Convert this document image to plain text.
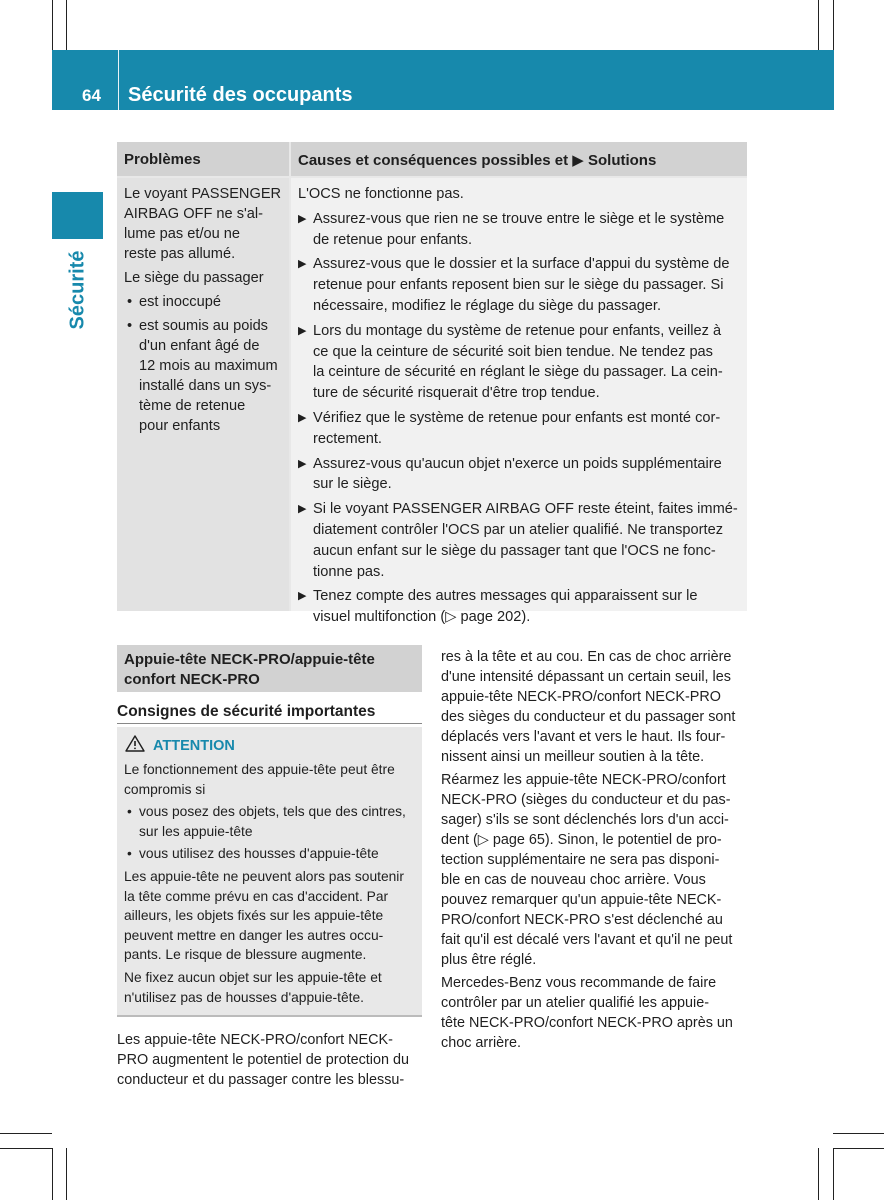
64 Sécurité des occupants
Sécurité
Problèmes	Causes et conséquences possibles et ▶ Solutions

Le voyant PASSENGER
AIRBAG OFF ne s'al-
lume pas et/ou ne
reste pas allumé.

Le siège du passager

• est inoccupé
• est soumis au poids
d'un enfant âgé de
12 mois au maximum
installé dans un sys-
tème de retenue
pour enfants

L'OCS ne fonctionne pas.

▶ Assurez-vous que rien ne se trouve entre le siège et le système
de retenue pour enfants.
▶ Assurez-vous que le dossier et la surface d'appui du système de
retenue pour enfants reposent bien sur le siège du passager. Si
nécessaire, modifiez le réglage du siège du passager.
▶ Lors du montage du système de retenue pour enfants, veillez à
ce que la ceinture de sécurité soit bien tendue. Ne tendez pas
la ceinture de sécurité en réglant le siège du passager. La cein-
ture de sécurité risquerait d'être trop tendue.
▶ Vérifiez que le système de retenue pour enfants est monté cor-
rectement.
▶ Assurez-vous qu'aucun objet n'exerce un poids supplémentaire
sur le siège.
▶ Si le voyant PASSENGER AIRBAG OFF reste éteint, faites immé-
diatement contrôler l'OCS par un atelier qualifié. Ne transportez
aucun enfant sur le siège du passager tant que l'OCS ne fonc-
tionne pas.
▶ Tenez compte des autres messages qui apparaissent sur le
visuel multifonction (▷ page 202).
Appuie-tête NECK-PRO/appuie-tête
confort NECK-PRO
Consignes de sécurité importantes
ATTENTION

Le fonctionnement des appuie-tête peut être
compromis si

• vous posez des objets, tels que des cintres,
sur les appuie-tête
• vous utilisez des housses d'appuie-tête

Les appuie-tête ne peuvent alors pas soutenir
la tête comme prévu en cas d'accident. Par
ailleurs, les objets fixés sur les appuie-tête
peuvent mettre en danger les autres occu-
pants. Le risque de blessure augmente.

Ne fixez aucun objet sur les appuie-tête et
n'utilisez pas de housses d'appuie-tête.

Les appuie-tête NECK-PRO/confort NECK-
PRO augmentent le potentiel de protection du
conducteur et du passager contre les blessu-

res à la tête et au cou. En cas de choc arrière
d'une intensité dépassant un certain seuil, les
appuie-tête NECK-PRO/confort NECK-PRO
des sièges du conducteur et du passager sont
déplacés vers l'avant et vers le haut. Ils four-
nissent ainsi un meilleur soutien à la tête.

Réarmez les appuie-tête NECK-PRO/confort
NECK-PRO (sièges du conducteur et du pas-
sager) s'ils se sont déclenchés lors d'un acci-
dent (▷ page 65). Sinon, le potentiel de pro-
tection supplémentaire ne sera pas disponi-
ble en cas de nouveau choc arrière. Vous
pouvez remarquer qu'un appuie-tête NECK-
PRO/confort NECK-PRO s'est déclenché au
fait qu'il est décalé vers l'avant et qu'il ne peut
plus être réglé.

Mercedes-Benz vous recommande de faire
contrôler par un atelier qualifié les appuie-
tête NECK-PRO/confort NECK-PRO après un
choc arrière.
